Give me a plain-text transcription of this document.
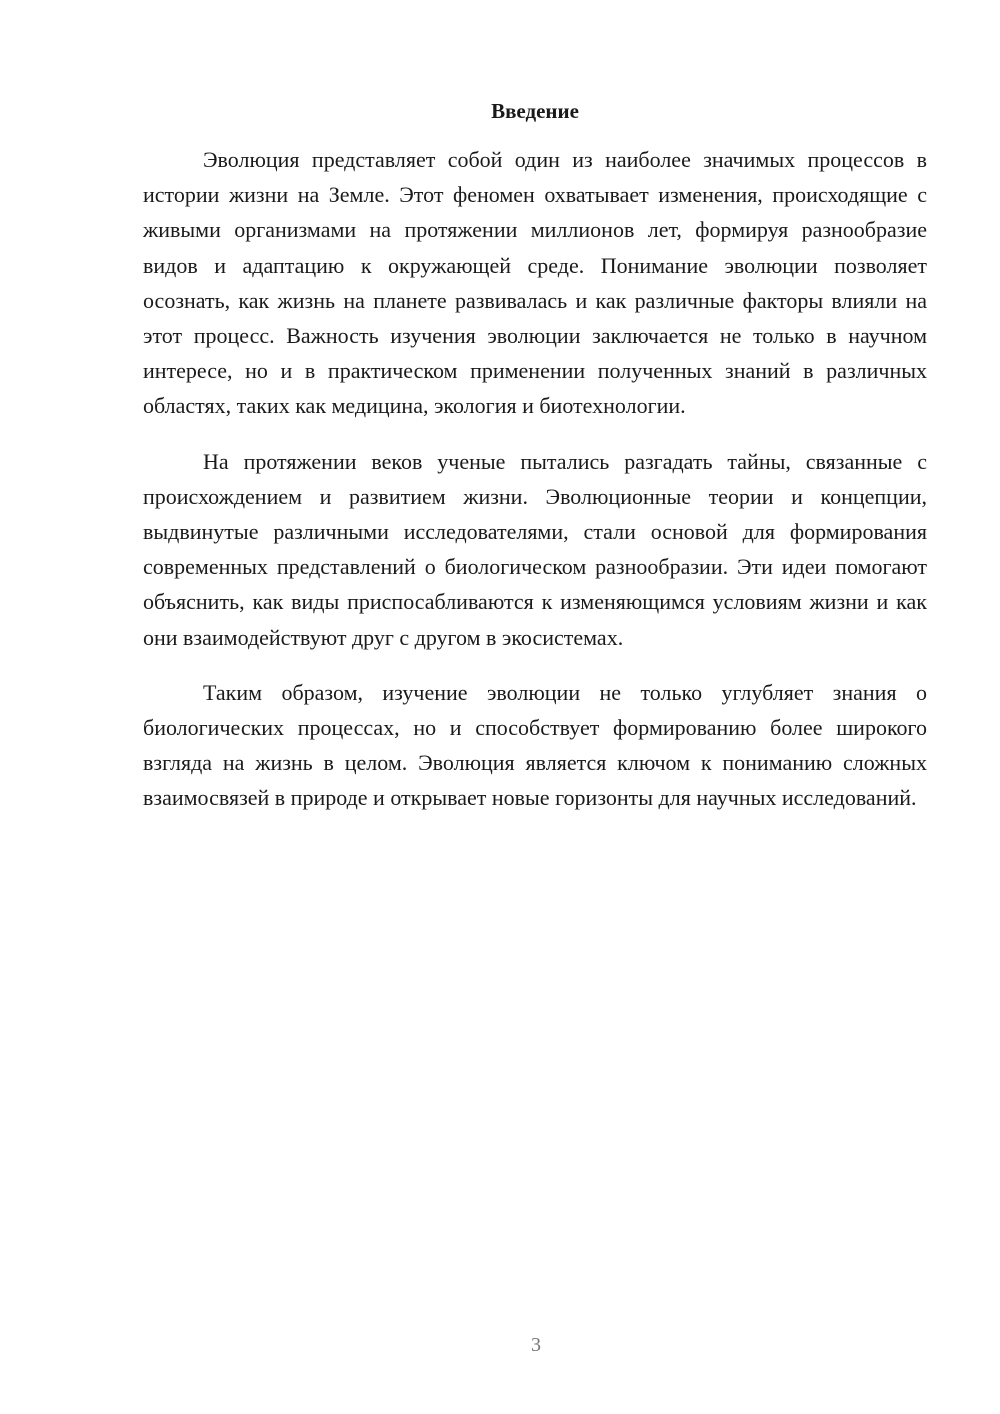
Введение

Эволюция представляет собой один из наиболее значимых процессов в истории жизни на Земле. Этот феномен охватывает изменения, происходящие с живыми организмами на протяжении миллионов лет, формируя разнообразие видов и адаптацию к окружающей среде. Понимание эволюции позволяет осознать, как жизнь на планете развивалась и как различные факторы влияли на этот процесс. Важность изучения эволюции заключается не только в научном интересе, но и в практическом применении полученных знаний в различных областях, таких как медицина, экология и биотехнологии.

На протяжении веков ученые пытались разгадать тайны, связанные с происхождением и развитием жизни. Эволюционные теории и концепции, выдвинутые различными исследователями, стали основой для формирования современных представлений о биологическом разнообразии. Эти идеи помогают объяснить, как виды приспосабливаются к изменяющимся условиям жизни и как они взаимодействуют друг с другом в экосистемах.

Таким образом, изучение эволюции не только углубляет знания о биологических процессах, но и способствует формированию более широкого взгляда на жизнь в целом. Эволюция является ключом к пониманию сложных взаимосвязей в природе и открывает новые горизонты для научных исследований.

3
